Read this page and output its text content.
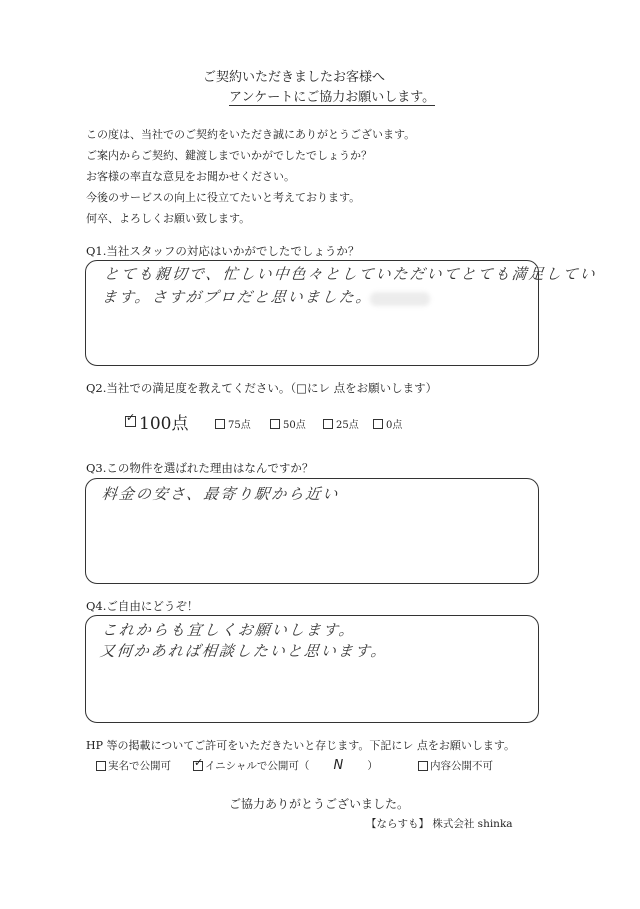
ご契約いただきましたお客様へ
アンケートにご協力お願いします。
この度は、当社でのご契約をいただき誠にありがとうございます。
ご案内からご契約、鍵渡しまでいかがでしたでしょうか？
お客様の率直な意見をお聞かせください。
今後のサービスの向上に役立てたいと考えております。
何卒、よろしくお願い致します。
Q1.当社スタッフの対応はいかがでしたでしょうか？
とても親切で、忙しい中色々としていただいてとても満足してい
ます。さすがプロだと思いました。
Q2.当社での満足度を教えてください。（□にレ 点をお願いします）
✓ 100点	75点	50点	25点	0点
Q3.この物件を選ばれた理由はなんですか？
料金の安さ、最寄り駅から近い
Q4.ご自由にどうぞ！
これからも宜しくお願いします。
又何かあれば相談したいと思います。
HP 等の掲載についてご許可をいただきたいと存じます。下記にレ 点をお願いします。
実名で公開可 ✓ イニシャルで公開可（	N	）	内容公開不可
ご協力ありがとうございました。
【ならすも】 株式会社 shinka
